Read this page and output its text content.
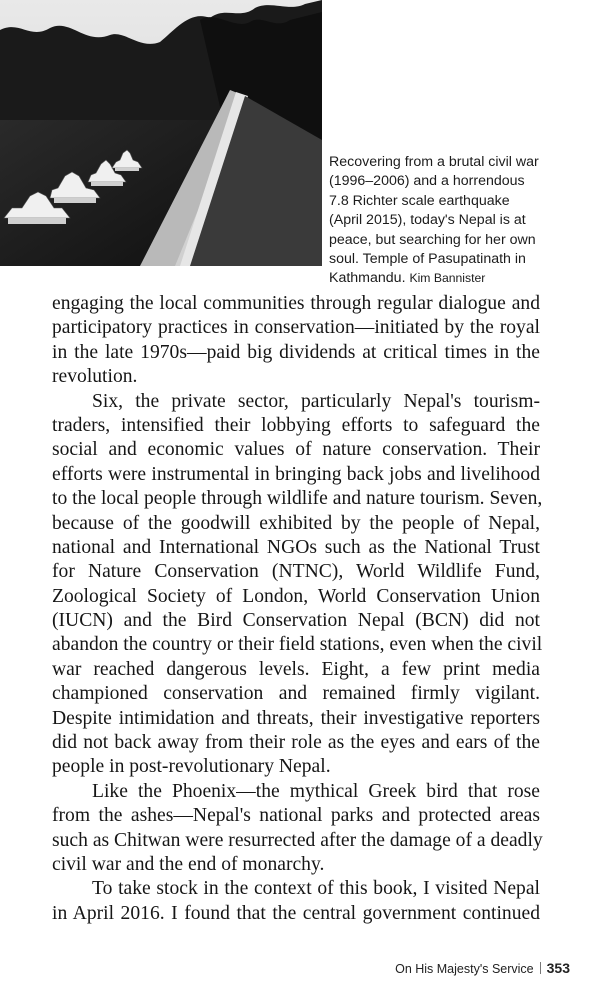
Recovering from a brutal civil war
(1996–2006) and a horrendous
7.8 Richter scale earthquake
(April 2015), today's Nepal is at
peace, but searching for her own
soul. Temple of Pasupatinath in
Kathmandu. Kim Bannister

engaging the local communities through regular dialogue and
participatory practices in conservation—initiated by the royal
in the late 1970s—paid big dividends at critical times in the
revolution.

Six, the private sector, particularly Nepal's tourism-
traders, intensified their lobbying efforts to safeguard the
social and economic values of nature conservation. Their
efforts were instrumental in bringing back jobs and livelihood
to the local people through wildlife and nature tourism. Seven,
because of the goodwill exhibited by the people of Nepal,
national and International NGOs such as the National Trust
for Nature Conservation (NTNC), World Wildlife Fund,
Zoological Society of London, World Conservation Union
(IUCN) and the Bird Conservation Nepal (BCN) did not
abandon the country or their field stations, even when the civil
war reached dangerous levels. Eight, a few print media
championed conservation and remained firmly vigilant.
Despite intimidation and threats, their investigative reporters
did not back away from their role as the eyes and ears of the
people in post-revolutionary Nepal.

Like the Phoenix—the mythical Greek bird that rose
from the ashes—Nepal's national parks and protected areas
such as Chitwan were resurrected after the damage of a deadly
civil war and the end of monarchy.

To take stock in the context of this book, I visited Nepal
in April 2016. I found that the central government continued

On His Majesty's Service 353
